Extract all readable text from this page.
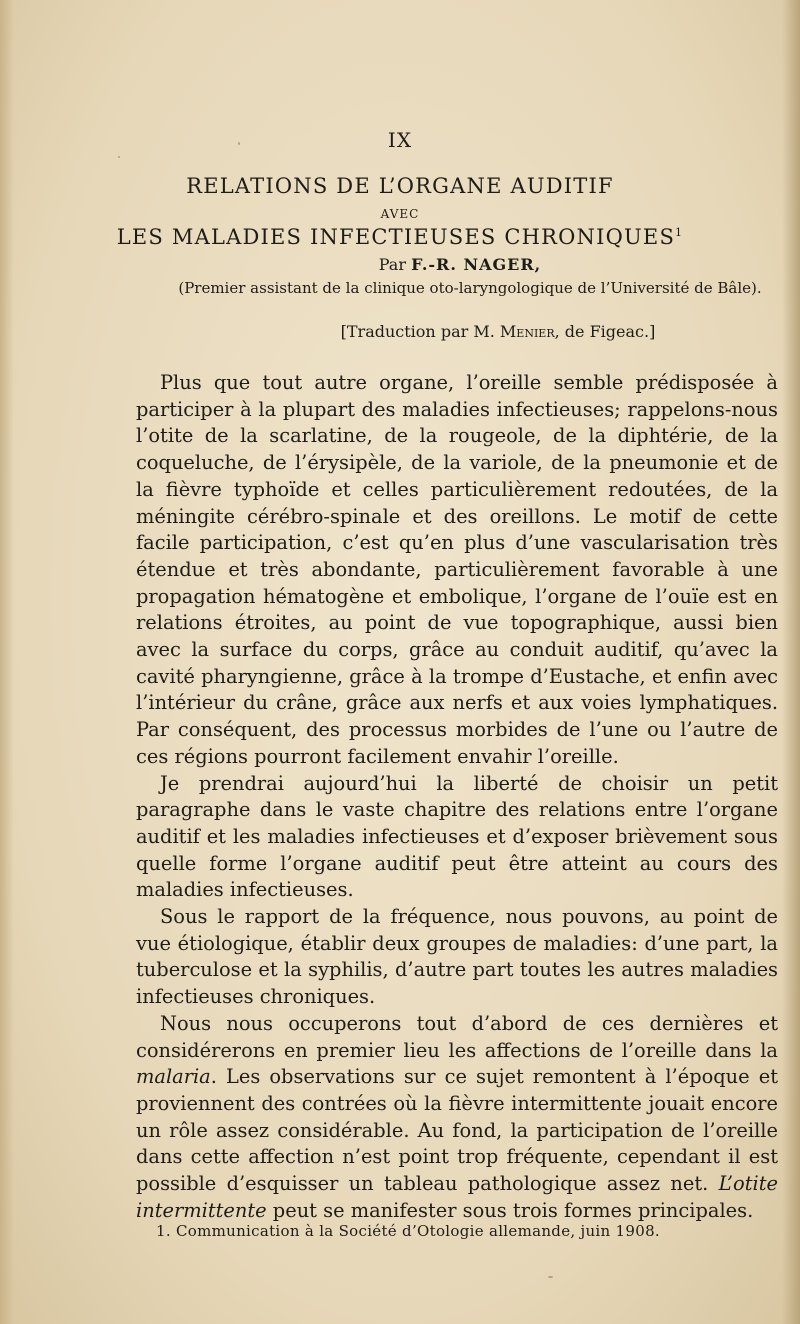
IX
RELATIONS DE L’ORGANE AUDITIF
AVEC
LES MALADIES INFECTIEUSES CHRONIQUES$^1$
Par F.-R. NAGER,
(Premier assistant de la clinique oto-laryngologique de l’Université de Bâle).
[Traduction par M. Menier, de Figeac.]

Plus que tout autre organe, l’oreille semble prédisposée à participer à la plupart des maladies infectieuses; rappelons-nous l’otite de la scarlatine, de la rougeole, de la diphtérie, de la coqueluche, de l’érysipèle, de la variole, de la pneumonie et de la fièvre typhoïde et celles particulièrement redoutées, de la méningite cérébro-spinale et des oreillons. Le motif de cette facile participation, c’est qu’en plus d’une vascularisation très étendue et très abondante, particulièrement favorable à une propagation hématogène et embolique, l’organe de l’ouïe est en relations étroites, au point de vue topographique, aussi bien avec la surface du corps, grâce au conduit auditif, qu’avec la cavité pharyngienne, grâce à la trompe d’Eustache, et enfin avec l’intérieur du crâne, grâce aux nerfs et aux voies lymphatiques. Par conséquent, des processus morbides de l’une ou l’autre de ces régions pourront facilement envahir l’oreille.

Je prendrai aujourd’hui la liberté de choisir un petit paragraphe dans le vaste chapitre des relations entre l’organe auditif et les maladies infectieuses et d’exposer brièvement sous quelle forme l’organe auditif peut être atteint au cours des maladies infectieuses.

Sous le rapport de la fréquence, nous pouvons, au point de vue étiologique, établir deux groupes de maladies: d’une part, la tuberculose et la syphilis, d’autre part toutes les autres maladies infectieuses chroniques.

Nous nous occuperons tout d’abord de ces dernières et considérerons en premier lieu les affections de l’oreille dans la malaria. Les observations sur ce sujet remontent à l’époque et proviennent des contrées où la fièvre intermittente jouait encore un rôle assez considérable. Au fond, la participation de l’oreille dans cette affection n’est point trop fréquente, cependant il est possible d’esquisser un tableau pathologique assez net. L’otite intermittente peut se manifester sous trois formes principales.

1. Communication à la Société d’Otologie allemande, juin 1908.
